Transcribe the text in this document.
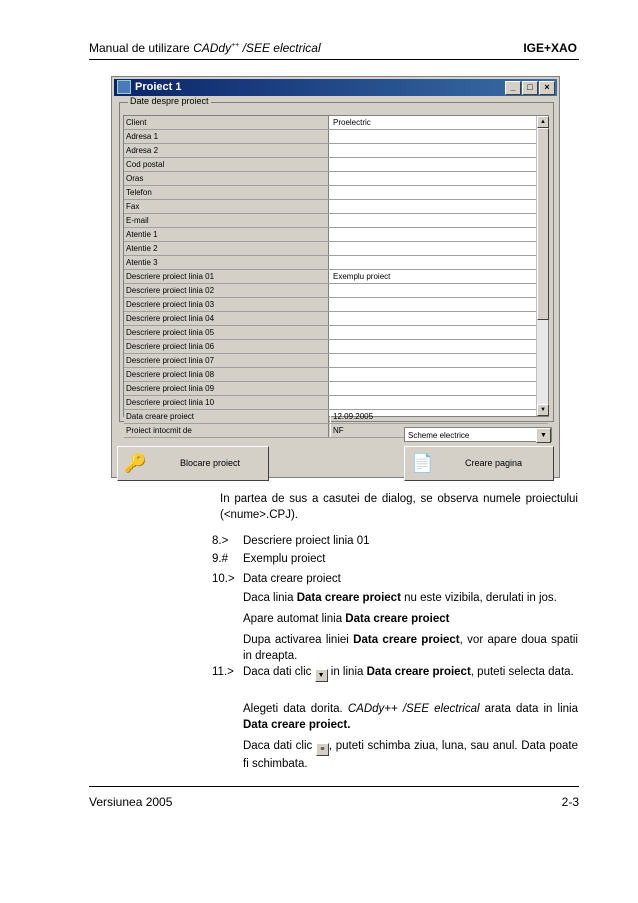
Manual de utilizare CADdy++ /SEE electrical	IGE+XAO
Proiect 1	_ □ ×
Date despre proiect
Client	Proelectric
Adresa 1
Adresa 2
Cod postal
Oras
Telefon
Fax
E-mail
Atentie 1
Atentie 2
Atentie 3
Descriere proiect linia 01	Exemplu proiect
Descriere proiect linia 02
Descriere proiect linia 03
Descriere proiect linia 04
Descriere proiect linia 05
Descriere proiect linia 06
Descriere proiect linia 07
Descriere proiect linia 08
Descriere proiect linia 09
Descriere proiect linia 10
Data creare proiect	12.09.2005
Proiect intocmit de	NF
▲
▼
Scheme electrice	▼
🔑	Blocare proiect	📄	Creare pagina
In partea de sus a casutei de dialog, se observa numele proiectului (<nume>.CPJ).
8.> Descriere proiect linia 01
9.# Exemplu proiect
10.> Data creare proiect
Daca linia Data creare proiect nu este vizibila, derulati in jos.
Apare automat linia Data creare proiect
Dupa activarea liniei Data creare proiect, vor apare doua spatii in dreapta.
11.> Daca dati clic ▼ in linia Data creare proiect, puteti selecta data.
Alegeti data dorita. CADdy++ /SEE electrical arata data in linia Data creare proiect.
Daca dati clic ≡ , puteti schimba ziua, luna, sau anul. Data poate fi schimbata.
Versiunea 2005	2-3
